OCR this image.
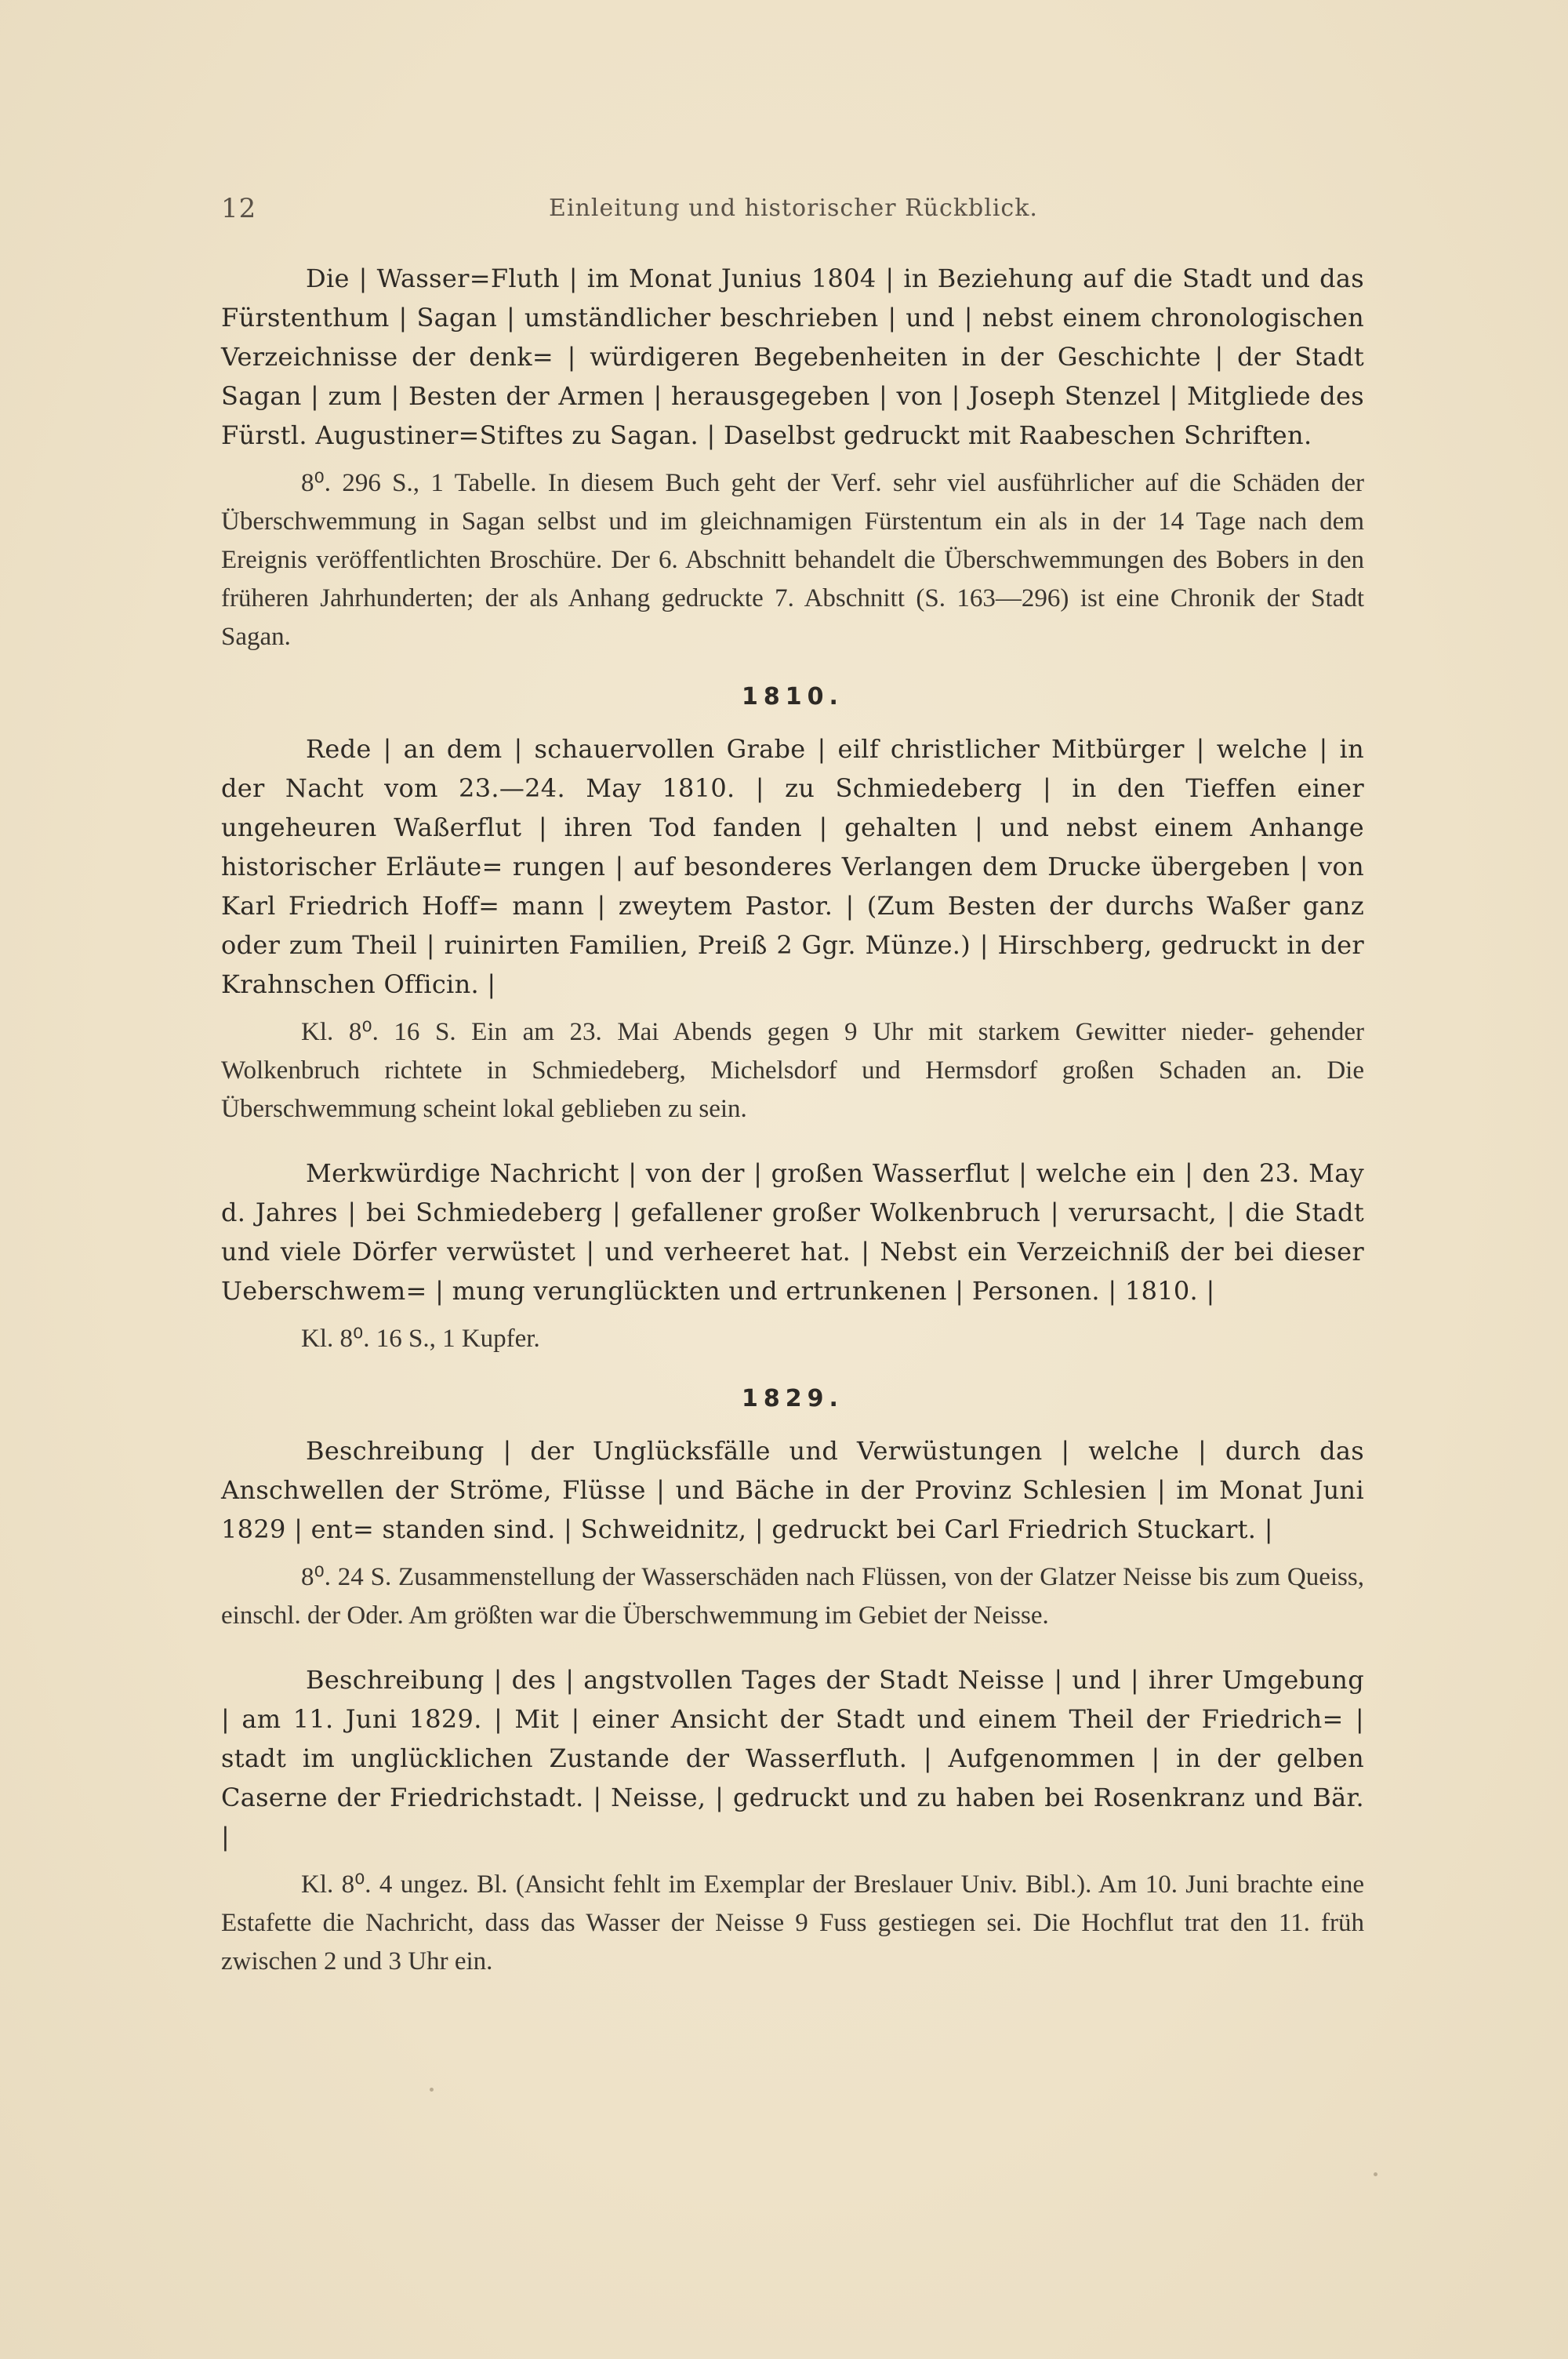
12	Einleitung und historischer Rückblick.

Die | Wasser=Fluth | im Monat Junius 1804 | in Beziehung auf die Stadt und das Fürstenthum | Sagan | umständlicher beschrieben | und | nebst einem chronologischen Verzeichnisse der denk= | würdigeren Begebenheiten in der Geschichte | der Stadt Sagan | zum | Besten der Armen | herausgegeben | von | Joseph Stenzel | Mitgliede des Fürstl. Augustiner=Stiftes zu Sagan. | Daselbst gedruckt mit Raabeschen Schriften.

8⁰. 296 S., 1 Tabelle. In diesem Buch geht der Verf. sehr viel ausführlicher auf die Schäden der Überschwemmung in Sagan selbst und im gleichnamigen Fürstentum ein als in der 14 Tage nach dem Ereignis veröffentlichten Broschüre. Der 6. Abschnitt behandelt die Überschwemmungen des Bobers in den früheren Jahrhunderten; der als Anhang gedruckte 7. Abschnitt (S. 163—296) ist eine Chronik der Stadt Sagan.

1810.

Rede | an dem | schauervollen Grabe | eilf christlicher Mitbürger | welche | in der Nacht vom 23.—24. May 1810. | zu Schmiedeberg | in den Tieffen einer ungeheuren Waßerflut | ihren Tod fanden | gehalten | und nebst einem Anhange historischer Erläute= rungen | auf besonderes Verlangen dem Drucke übergeben | von Karl Friedrich Hoff= mann | zweytem Pastor. | (Zum Besten der durchs Waßer ganz oder zum Theil | ruinirten Familien, Preiß 2 Ggr. Münze.) | Hirschberg, gedruckt in der Krahnschen Officin. |

Kl. 8⁰. 16 S. Ein am 23. Mai Abends gegen 9 Uhr mit starkem Gewitter nieder- gehender Wolkenbruch richtete in Schmiedeberg, Michelsdorf und Hermsdorf großen Schaden an. Die Überschwemmung scheint lokal geblieben zu sein.

Merkwürdige Nachricht | von der | großen Wasserflut | welche ein | den 23. May d. Jahres | bei Schmiedeberg | gefallener großer Wolkenbruch | verursacht, | die Stadt und viele Dörfer verwüstet | und verheeret hat. | Nebst ein Verzeichniß der bei dieser Ueberschwem= | mung verunglückten und ertrunkenen | Personen. | 1810. |

Kl. 8⁰. 16 S., 1 Kupfer.

1829.

Beschreibung | der Unglücksfälle und Verwüstungen | welche | durch das Anschwellen der Ströme, Flüsse | und Bäche in der Provinz Schlesien | im Monat Juni 1829 | ent= standen sind. | Schweidnitz, | gedruckt bei Carl Friedrich Stuckart. |

8⁰. 24 S. Zusammenstellung der Wasserschäden nach Flüssen, von der Glatzer Neisse bis zum Queiss, einschl. der Oder. Am größten war die Überschwemmung im Gebiet der Neisse.

Beschreibung | des | angstvollen Tages der Stadt Neisse | und | ihrer Umgebung | am 11. Juni 1829. | Mit | einer Ansicht der Stadt und einem Theil der Friedrich= | stadt im unglücklichen Zustande der Wasserfluth. | Aufgenommen | in der gelben Caserne der Friedrichstadt. | Neisse, | gedruckt und zu haben bei Rosenkranz und Bär. |

Kl. 8⁰. 4 ungez. Bl. (Ansicht fehlt im Exemplar der Breslauer Univ. Bibl.). Am 10. Juni brachte eine Estafette die Nachricht, dass das Wasser der Neisse 9 Fuss gestiegen sei. Die Hochflut trat den 11. früh zwischen 2 und 3 Uhr ein.
